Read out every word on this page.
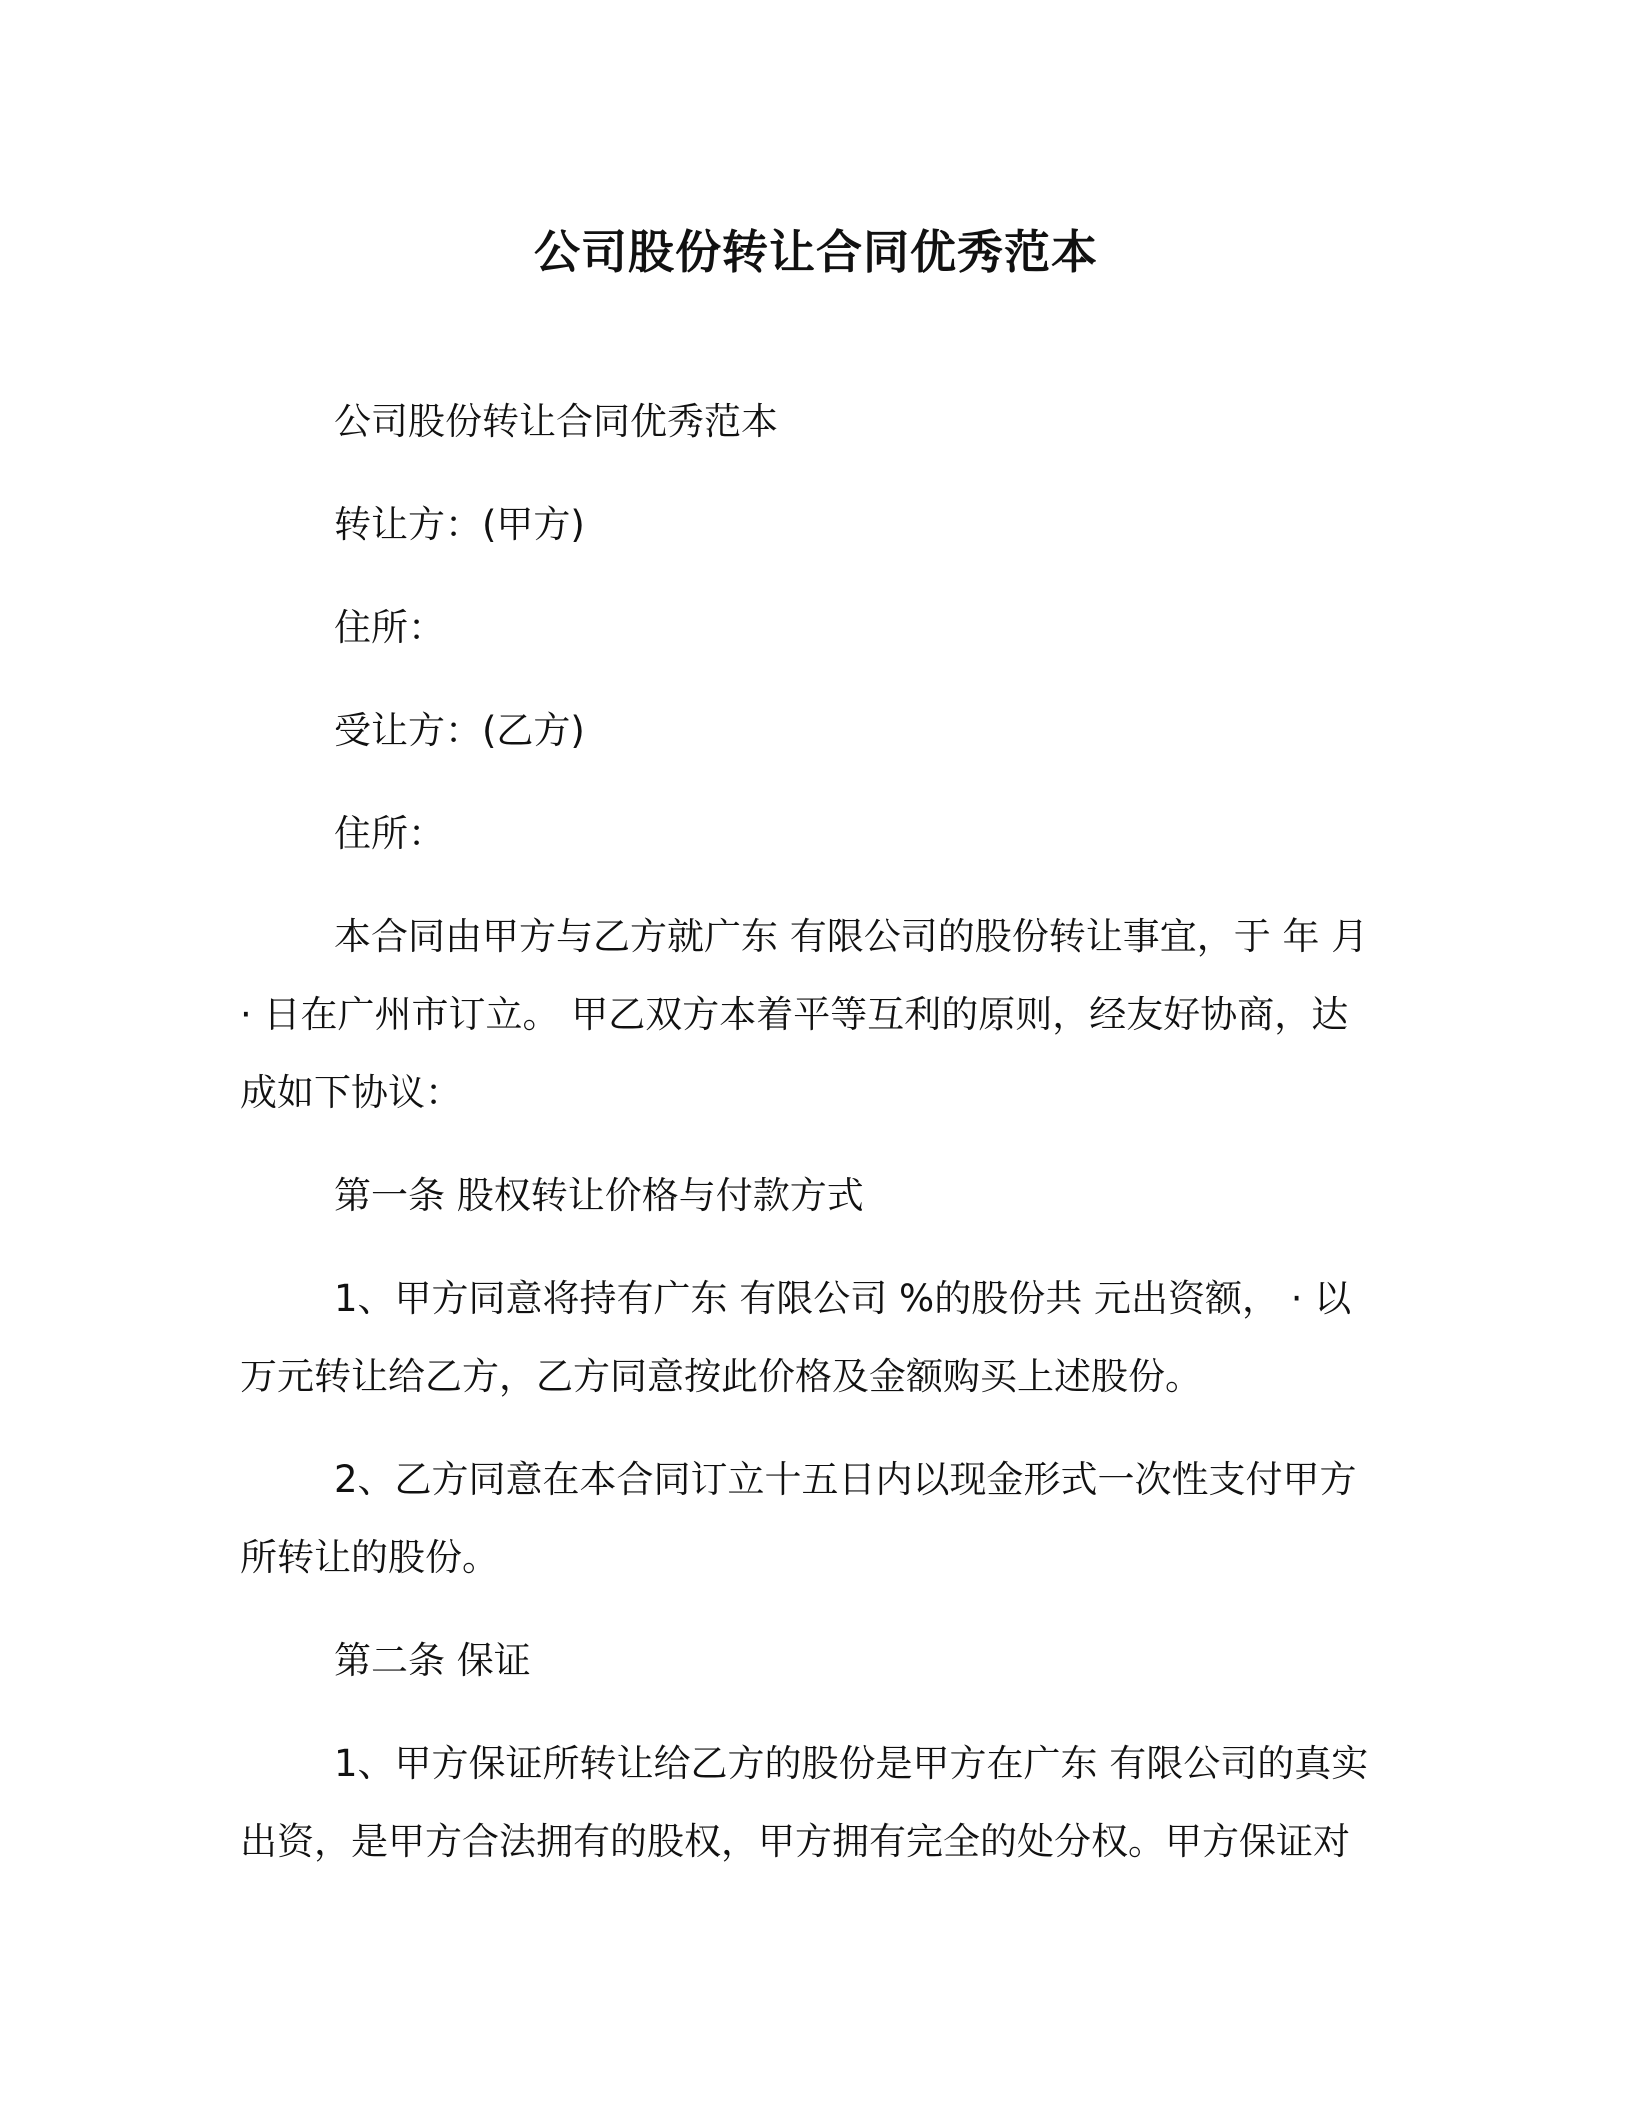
公司股份转让合同优秀范本
公司股份转让合同优秀范本
转让方：(甲方)
住所：
受让方：(乙方)
住所：
本合同由甲方与乙方就广东 有限公司的股份转让事宜，于 年 月
· 日在广州市订立。 甲乙双方本着平等互利的原则，经友好协商，达
成如下协议：
第一条 股权转让价格与付款方式
1、甲方同意将持有广东 有限公司 %的股份共 元出资额， · 以
万元转让给乙方，乙方同意按此价格及金额购买上述股份。
2、乙方同意在本合同订立十五日内以现金形式一次性支付甲方
所转让的股份。
第二条 保证
1、甲方保证所转让给乙方的股份是甲方在广东 有限公司的真实
出资，是甲方合法拥有的股权，甲方拥有完全的处分权。甲方保证对
